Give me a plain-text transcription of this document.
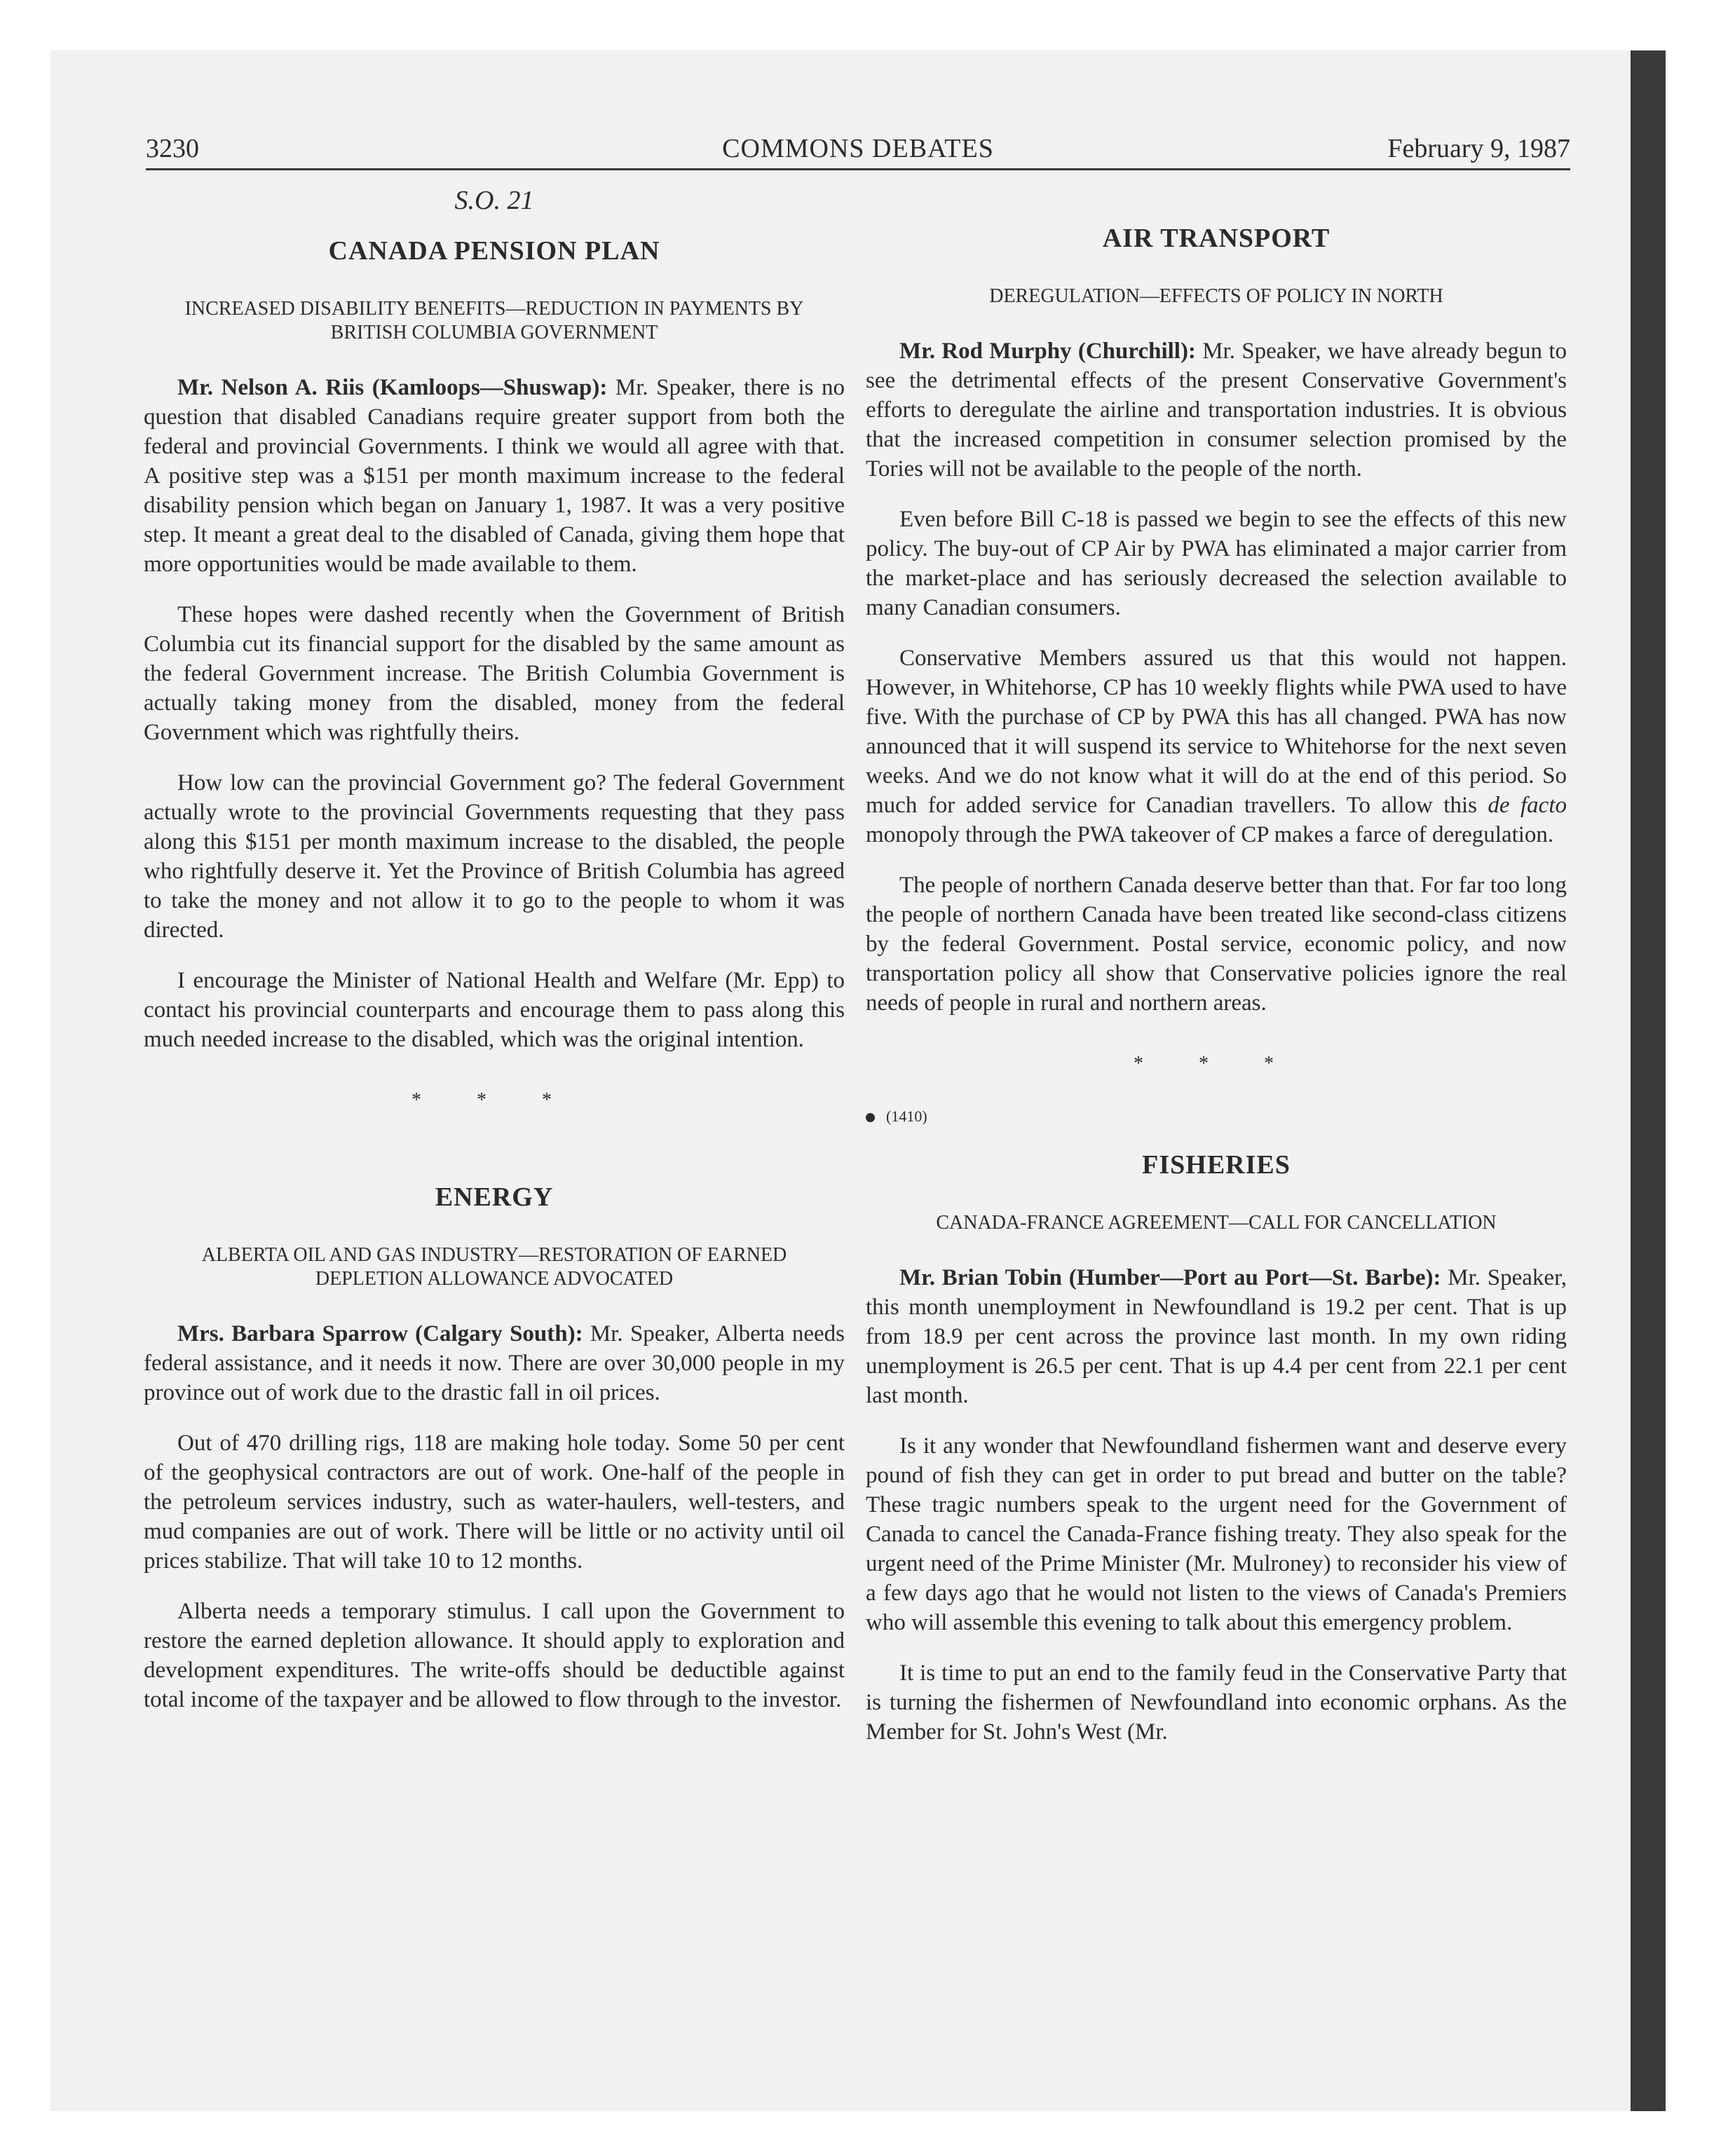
COMMONS DEBATES
3230	February 9, 1987
S.O. 21
CANADA PENSION PLAN
INCREASED DISABILITY BENEFITS—REDUCTION IN PAYMENTS BY BRITISH COLUMBIA GOVERNMENT

Mr. Nelson A. Riis (Kamloops—Shuswap): Mr. Speaker, there is no question that disabled Canadians require greater support from both the federal and provincial Governments. I think we would all agree with that. A positive step was a $151 per month maximum increase to the federal disability pension which began on January 1, 1987. It was a very positive step. It meant a great deal to the disabled of Canada, giving them hope that more opportunities would be made available to them.

These hopes were dashed recently when the Government of British Columbia cut its financial support for the disabled by the same amount as the federal Government increase. The British Columbia Government is actually taking money from the disabled, money from the federal Government which was rightfully theirs.

How low can the provincial Government go? The federal Government actually wrote to the provincial Governments requesting that they pass along this $151 per month maximum increase to the disabled, the people who rightfully deserve it. Yet the Province of British Columbia has agreed to take the money and not allow it to go to the people to whom it was directed.

I encourage the Minister of National Health and Welfare (Mr. Epp) to contact his provincial counterparts and encourage them to pass along this much needed increase to the disabled, which was the original intention.

* * *
ENERGY
ALBERTA OIL AND GAS INDUSTRY—RESTORATION OF EARNED DEPLETION ALLOWANCE ADVOCATED

Mrs. Barbara Sparrow (Calgary South): Mr. Speaker, Alberta needs federal assistance, and it needs it now. There are over 30,000 people in my province out of work due to the drastic fall in oil prices.

Out of 470 drilling rigs, 118 are making hole today. Some 50 per cent of the geophysical contractors are out of work. One-half of the people in the petroleum services industry, such as water-haulers, well-testers, and mud companies are out of work. There will be little or no activity until oil prices stabilize. That will take 10 to 12 months.

Alberta needs a temporary stimulus. I call upon the Government to restore the earned depletion allowance. It should apply to exploration and development expenditures. The write-offs should be deductible against total income of the taxpayer and be allowed to flow through to the investor.

AIR TRANSPORT
DEREGULATION—EFFECTS OF POLICY IN NORTH

Mr. Rod Murphy (Churchill): Mr. Speaker, we have already begun to see the detrimental effects of the present Conservative Government's efforts to deregulate the airline and transportation industries. It is obvious that the increased competition in consumer selection promised by the Tories will not be available to the people of the north.

Even before Bill C-18 is passed we begin to see the effects of this new policy. The buy-out of CP Air by PWA has eliminated a major carrier from the market-place and has seriously decreased the selection available to many Canadian consumers.

Conservative Members assured us that this would not happen. However, in Whitehorse, CP has 10 weekly flights while PWA used to have five. With the purchase of CP by PWA this has all changed. PWA has now announced that it will suspend its service to Whitehorse for the next seven weeks. And we do not know what it will do at the end of this period. So much for added service for Canadian travellers. To allow this de facto monopoly through the PWA takeover of CP makes a farce of deregulation.

The people of northern Canada deserve better than that. For far too long the people of northern Canada have been treated like second-class citizens by the federal Government. Postal service, economic policy, and now transportation policy all show that Conservative policies ignore the real needs of people in rural and northern areas.

* * *
(1410)
FISHERIES
CANADA-FRANCE AGREEMENT—CALL FOR CANCELLATION

Mr. Brian Tobin (Humber—Port au Port—St. Barbe): Mr. Speaker, this month unemployment in Newfoundland is 19.2 per cent. That is up from 18.9 per cent across the province last month. In my own riding unemployment is 26.5 per cent. That is up 4.4 per cent from 22.1 per cent last month.

Is it any wonder that Newfoundland fishermen want and deserve every pound of fish they can get in order to put bread and butter on the table? These tragic numbers speak to the urgent need for the Government of Canada to cancel the Canada-France fishing treaty. They also speak for the urgent need of the Prime Minister (Mr. Mulroney) to reconsider his view of a few days ago that he would not listen to the views of Canada's Premiers who will assemble this evening to talk about this emergency problem.

It is time to put an end to the family feud in the Conservative Party that is turning the fishermen of Newfoundland into economic orphans. As the Member for St. John's West (Mr.
